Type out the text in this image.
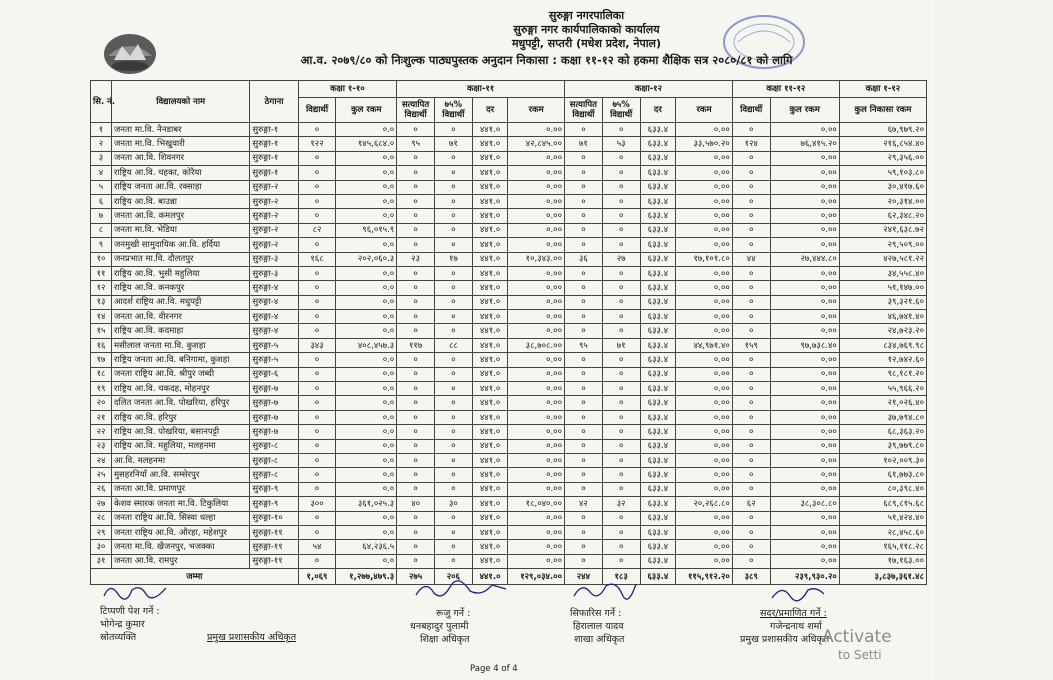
सुरुङ्गा नगरपालिका
सुरुङ्गा नगर कार्यपालिकाको कार्यालय
मधुपट्टी, सप्तरी (मधेश प्रदेश, नेपाल)
आ.व. २०७९/८० को निःशुल्क पाठ्यपुस्तक अनुदान निकासा : कक्षा ११-१२ को हकमा शैक्षिक सत्र २०८०/८१ को लागि
सि. नं.	विद्यालयको नाम	ठेगाना	कक्षा १-१०		कक्षा-११				कक्षा-१२				कक्षा ११-१२		कक्षा १-१२
			विद्यार्थी	कुल रकम	सत्यापित विद्यार्थी	७५% विद्यार्थी	दर	रकम	सत्यापित विद्यार्थी	७५% विद्यार्थी	दर	रकम	विद्यार्थी	कुल रकम	कुल निकासा रकम
१	जनता मा.वि. नैनडाबर	सुरुङ्गा-१	०	०.०	०	०	४४१.०	०.००	०	०	६३३.४	०.००	०	०.००	६७,९७९.२०
२	जनता मा.वि. भिखुवारी	सुरुङ्गा-१	१२२	१४५,६८४.०	९५	७१	४४१.०	४२,८४५.००	७१	५३	६३३.४	३३,५७०.२०	१२४	७६,४१५.२०	२१६,८५४.४०
३	जनता आ.वि. शिवनगर	सुरुङ्गा-१	०	०.०	०	०	४४१.०	०.००	०	०	६३३.४	०.००	०	०.००	२९,३५६.००
४	राष्ट्रिय आ.वि. चहका, कोरैया	सुरुङ्गा-१	०	०.०	०	०	४४१.०	०.००	०	०	६३३.४	०.००	०	०.००	५९,१०३.८०
५	राष्ट्रिय जनता आ.वि. रक्साहा	सुरुङ्गा-२	०	०.०	०	०	४४१.०	०.००	०	०	६३३.४	०.००	०	०.००	३०,४१७.६०
६	राष्ट्रिय आ.वि. बाउन्ना	सुरुङ्गा-२	०	०.०	०	०	४४१.०	०.००	०	०	६३३.४	०.००	०	०.००	२०,३१४.००
७	जनता आ.वि. कमलपुर	सुरुङ्गा-२	०	०.०	०	०	४४१.०	०.००	०	०	६३३.४	०.००	०	०.००	६२,३४८.२०
८	जनता मा.वि. भेडिया	सुरुङ्गा-२	८२	९६,०१५.९	०	०	४४१.०	०.००	०	०	६३३.४	०.००	०	०.००	२४१,६३८.७२
९	जनमुखी सामुदायिक आ.वि. हर्दिया	सुरुङ्गा-२	०	०.०	०	०	४४१.०	०.००	०	०	६३३.४	०.००	०	०.००	२९,५०९.००
१०	जनप्रभात मा.वि. दौलतपुर	सुरुङ्गा-३	१६८	२०२,०६०.३	२३	१७	४४१.०	१०,३४३.००	३६	२७	६३३.४	१७,१०१.८०	४४	२७,४४४.८०	४२७,५८१.२२
११	राष्ट्रिय आ.वि. भुसी महुलिया	सुरुङ्गा-३	०	०.०	०	०	४४१.०	०.००	०	०	६३३.४	०.००	०	०.००	३४,५५८.४०
१२	राष्ट्रिय आ.वि. कनकपुर	सुरुङ्गा-४	०	०.०	०	०	४४१.०	०.००	०	०	६३३.४	०.००	०	०.००	५१,१४७.००
१३	आदर्श राष्ट्रिय आ.वि. मधुपट्टी	सुरुङ्गा-४	०	०.०	०	०	४४१.०	०.००	०	०	६३३.४	०.००	०	०.००	३९,३२१.६०
१४	जनता आ.वि. वीरनगर	सुरुङ्गा-४	०	०.०	०	०	४४१.०	०.००	०	०	६३३.४	०.००	०	०.००	४६,७४१.४०
१५	राष्ट्रिय आ.वि. कदमाहा	सुरुङ्गा-४	०	०.०	०	०	४४१.०	०.००	०	०	६३३.४	०.००	०	०.००	२४,७२३.२०
१६	मसीलाल जनता मा.वि. कुशहा	सुरुङ्गा-५	३४३	४०८,४५७.३	११७	८८	४४१.०	३८,७०८.००	९५	७१	६३३.४	४४,९७१.४०	१५९	९७,७३८.४०	८३४,७६९.९८
१७	राष्ट्रिय जनता आ.वि. बनिगामा, कुशहा	सुरुङ्गा-५	०	०.०	०	०	४४१.०	०.००	०	०	६३३.४	०.००	०	०.००	१२,७४२.६०
१८	जनता राष्ट्रिय आ.वि. श्रीपुर जब्दी	सुरुङ्गा-६	०	०.०	०	०	४४१.०	०.००	०	०	६३३.४	०.००	०	०.००	९८,१८१.२०
१९	राष्ट्रिय आ.वि. चकदह, मोहनपुर	सुरुङ्गा-७	०	०.०	०	०	४४१.०	०.००	०	०	६३३.४	०.००	०	०.००	५५,९६६.२०
२०	दलित जनता आ.वि. पोखरिया, हरिपुर	सुरुङ्गा-७	०	०.०	०	०	४४१.०	०.००	०	०	६३३.४	०.००	०	०.००	२१,०२६.४०
२१	राष्ट्रिय आ.वि. हरिपुर	सुरुङ्गा-७	०	०.०	०	०	४४१.०	०.००	०	०	६३३.४	०.००	०	०.००	३७,७९४.८०
२२	राष्ट्रिय आ.वि. पोखरिया, बसानपट्टी	सुरुङ्गा-७	०	०.०	०	०	४४१.०	०.००	०	०	६३३.४	०.००	०	०.००	६८,३६३.२०
२३	राष्ट्रिय आ.वि. महुलिया, मलहनमा	सुरुङ्गा-८	०	०.०	०	०	४४१.०	०.००	०	०	६३३.४	०.००	०	०.००	३९,७७९.८०
२४	आ.वि. मलहनमा	सुरुङ्गा-८	०	०.०	०	०	४४१.०	०.००	०	०	६३३.४	०.००	०	०.००	१०२,००९.३०
२५	मुसहरनियाँ आ.वि. सम्सेरपुर	सुरुङ्गा-८	०	०.०	०	०	४४१.०	०.००	०	०	६३३.४	०.००	०	०.००	६१,७७३.८०
२६	जनता आ.वि. प्रमाणपुर	सुरुङ्गा-९	०	०.०	०	०	४४१.०	०.००	०	०	६३३.४	०.००	०	०.००	८०,३९८.४०
२७	केशव स्मारक जनता मा.वि. टिकुलिया	सुरुङ्गा-९	३००	३६१,०२५.३	४०	३०	४४१.०	१८,०४०.००	४२	३२	६३३.४	२०,२६८.८०	६२	३८,३०८.८०	६८९,८१५.६८
२८	जनता राष्ट्रिय आ.वि. सिस्वा धल्हा	सुरुङ्गा-१०	०	०.०	०	०	४४१.०	०.००	०	०	६३३.४	०.००	०	०.००	५१,४२४.४०
२९	जनता राष्ट्रिय आ.वि. औरहा, महेशपुर	सुरुङ्गा-११	०	०.०	०	०	४४१.०	०.००	०	०	६३३.४	०.००	०	०.००	२८,४५८.६०
३०	जनता मा.वि. खैजनपुर, भजक्का	सुरुङ्गा-११	५४	६४,२३६.५	०	०	४४१.०	०.००	०	०	६३३.४	०.००	०	०.००	१६५,११८.२८
३१	जनता आ.वि. रामपुर	सुरुङ्गा-११	०	०.०	०	०	४४१.०	०.००	०	०	६३३.४	०.००	०	०.००	१७,१६३.००
जम्मा			१,०६९	१,२७७,४७९.३	२७५	२०६	४४१.०	१२९,०३४.००	२४४	१८३	६३३.४	११५,९१२.२०	३८९	२३९,९३०.२०	३,८३७,३६१.४८
टिप्पणी पेश गर्ने :
भोगेन्द्र कुमार
स्रोतव्यक्ति	प्रमुख प्रशासकीय अधिकृत
रूजु गर्ने :
धनबहादुर पुलामी
शिक्षा अधिकृत
सिफारिस गर्ने :
हिरालाल यादव
शाखा अधिकृत
सदर/प्रमाणित गर्ने :
गजेन्द्रनाथ शर्मा
प्रमुख प्रशासकीय अधिकृत
Page 4 of 4
Activate
to Setti
